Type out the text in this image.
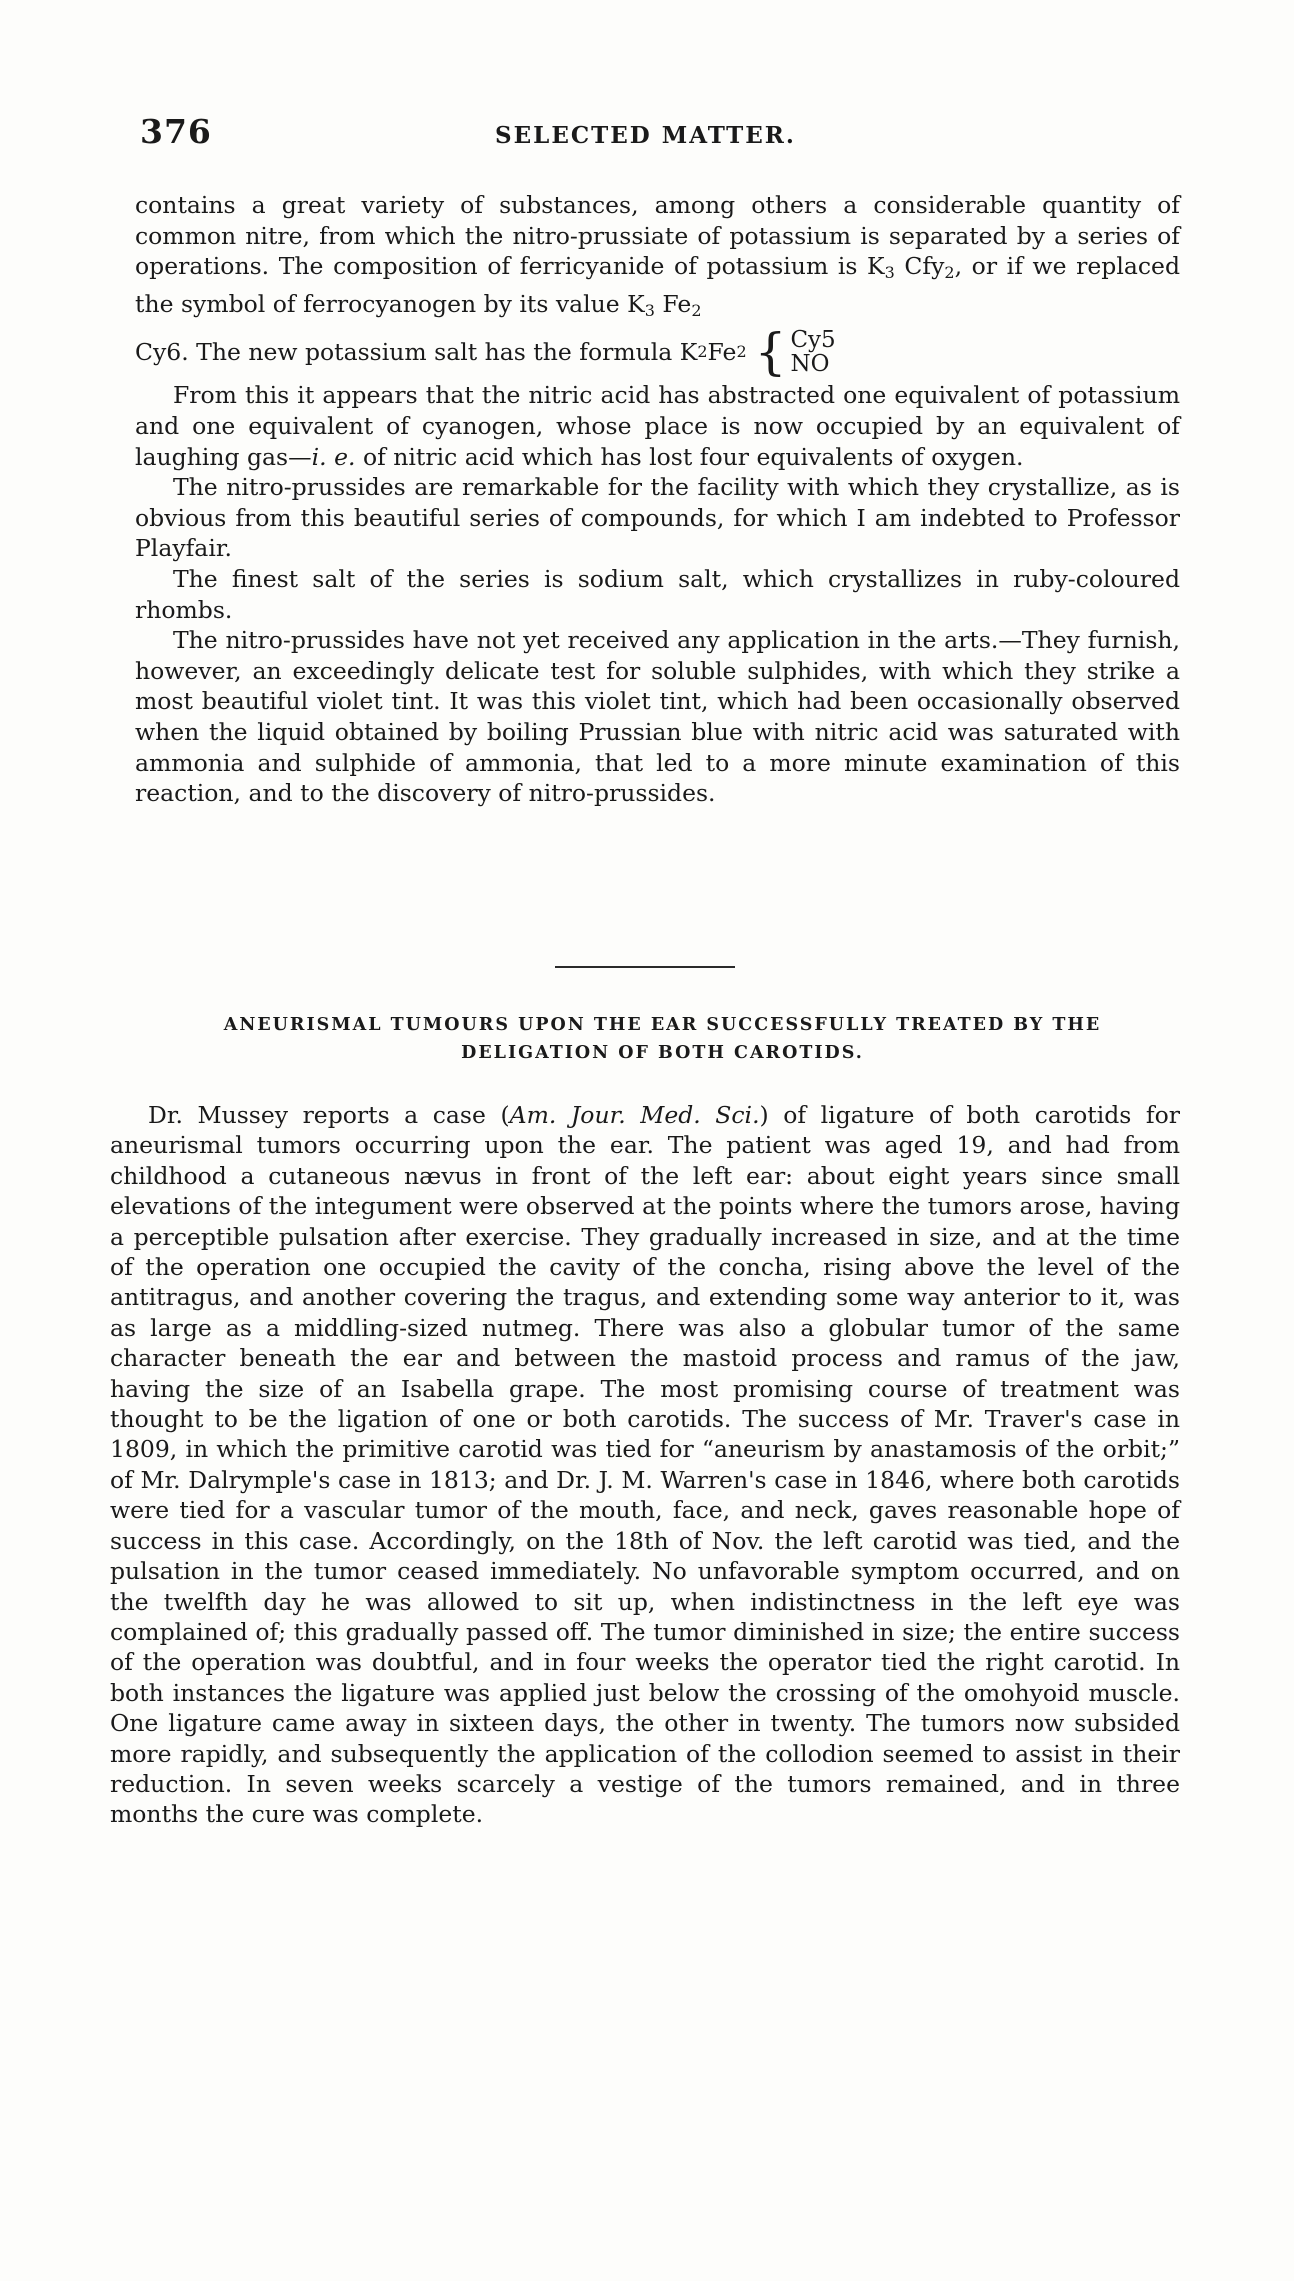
376	SELECTED MATTER.

contains a great variety of substances, among others a considerable quantity of common nitre, from which the nitro-prussiate of potassium is separated by a series of operations. The composition of ferricyanide of potassium is $K_3$ Cfy$_2$, or if we replaced the symbol of ferrocyanogen by its value $K_3$ $Fe_2$

Cy6. The new potassium salt has the formula K 2 Fe 2 { Cy5
NO

From this it appears that the nitric acid has abstracted one equivalent of potassium and one equivalent of cyanogen, whose place is now occupied by an equivalent of laughing gas—i. e. of nitric acid which has lost four equivalents of oxygen.

The nitro-prussides are remarkable for the facility with which they crystallize, as is obvious from this beautiful series of compounds, for which I am indebted to Professor Playfair.

The finest salt of the series is sodium salt, which crystallizes in ruby-coloured rhombs.

The nitro-prussides have not yet received any application in the arts.—They furnish, however, an exceedingly delicate test for soluble sulphides, with which they strike a most beautiful violet tint. It was this violet tint, which had been occasionally observed when the liquid obtained by boiling Prussian blue with nitric acid was saturated with ammonia and sulphide of ammonia, that led to a more minute examination of this reaction, and to the discovery of nitro-prussides.

ANEURISMAL TUMOURS UPON THE EAR SUCCESSFULLY TREATED BY THE
DELIGATION OF BOTH CAROTIDS.

Dr. Mussey reports a case (Am. Jour. Med. Sci.) of ligature of both carotids for aneurismal tumors occurring upon the ear. The patient was aged 19, and had from childhood a cutaneous nævus in front of the left ear: about eight years since small elevations of the integument were observed at the points where the tumors arose, having a perceptible pulsation after exercise. They gradually increased in size, and at the time of the operation one occupied the cavity of the concha, rising above the level of the antitragus, and another covering the tragus, and extending some way anterior to it, was as large as a middling-sized nutmeg. There was also a globular tumor of the same character beneath the ear and between the mastoid process and ramus of the jaw, having the size of an Isabella grape. The most promising course of treatment was thought to be the ligation of one or both carotids. The success of Mr. Traver's case in 1809, in which the primitive carotid was tied for “aneurism by anastamosis of the orbit;” of Mr. Dalrymple's case in 1813; and Dr. J. M. Warren's case in 1846, where both carotids were tied for a vascular tumor of the mouth, face, and neck, gaves reasonable hope of success in this case. Accordingly, on the 18th of Nov. the left carotid was tied, and the pulsation in the tumor ceased immediately. No unfavorable symptom occurred, and on the twelfth day he was allowed to sit up, when indistinctness in the left eye was complained of; this gradually passed off. The tumor diminished in size; the entire success of the operation was doubtful, and in four weeks the operator tied the right carotid. In both instances the ligature was applied just below the crossing of the omohyoid muscle. One ligature came away in sixteen days, the other in twenty. The tumors now subsided more rapidly, and subsequently the application of the collodion seemed to assist in their reduction. In seven weeks scarcely a vestige of the tumors remained, and in three months the cure was complete.
